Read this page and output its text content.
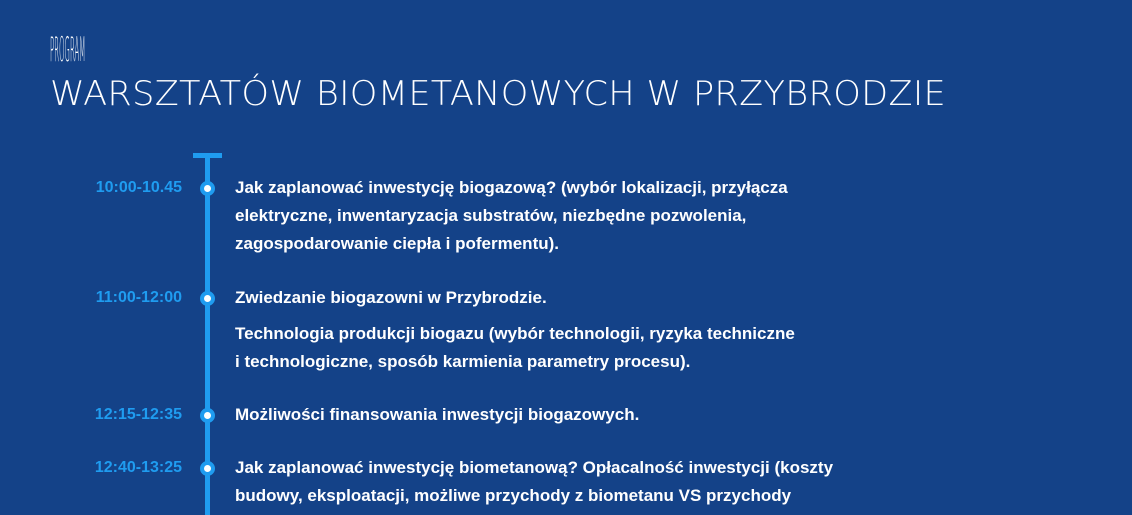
PROGRAM
WARSZTATÓW BIOMETANOWYCH W PRZYBRODZIE
10:00-10.45	Jak zaplanować inwestycję biogazową? (wybór lokalizacji, przyłącza
elektryczne, inwentaryzacja substratów, niezbędne pozwolenia,
zagospodarowanie ciepła i pofermentu).

11:00-12:00	Zwiedzanie biogazowni w Przybrodzie.

Technologia produkcji biogazu (wybór technologii, ryzyka techniczne
i technologiczne, sposób karmienia parametry procesu).

12:15-12:35	Możliwości finansowania inwestycji biogazowych.

12:40-13:25	Jak zaplanować inwestycję biometanową? Opłacalność inwestycji (koszty
budowy, eksploatacji, możliwe przychody z biometanu VS przychody
